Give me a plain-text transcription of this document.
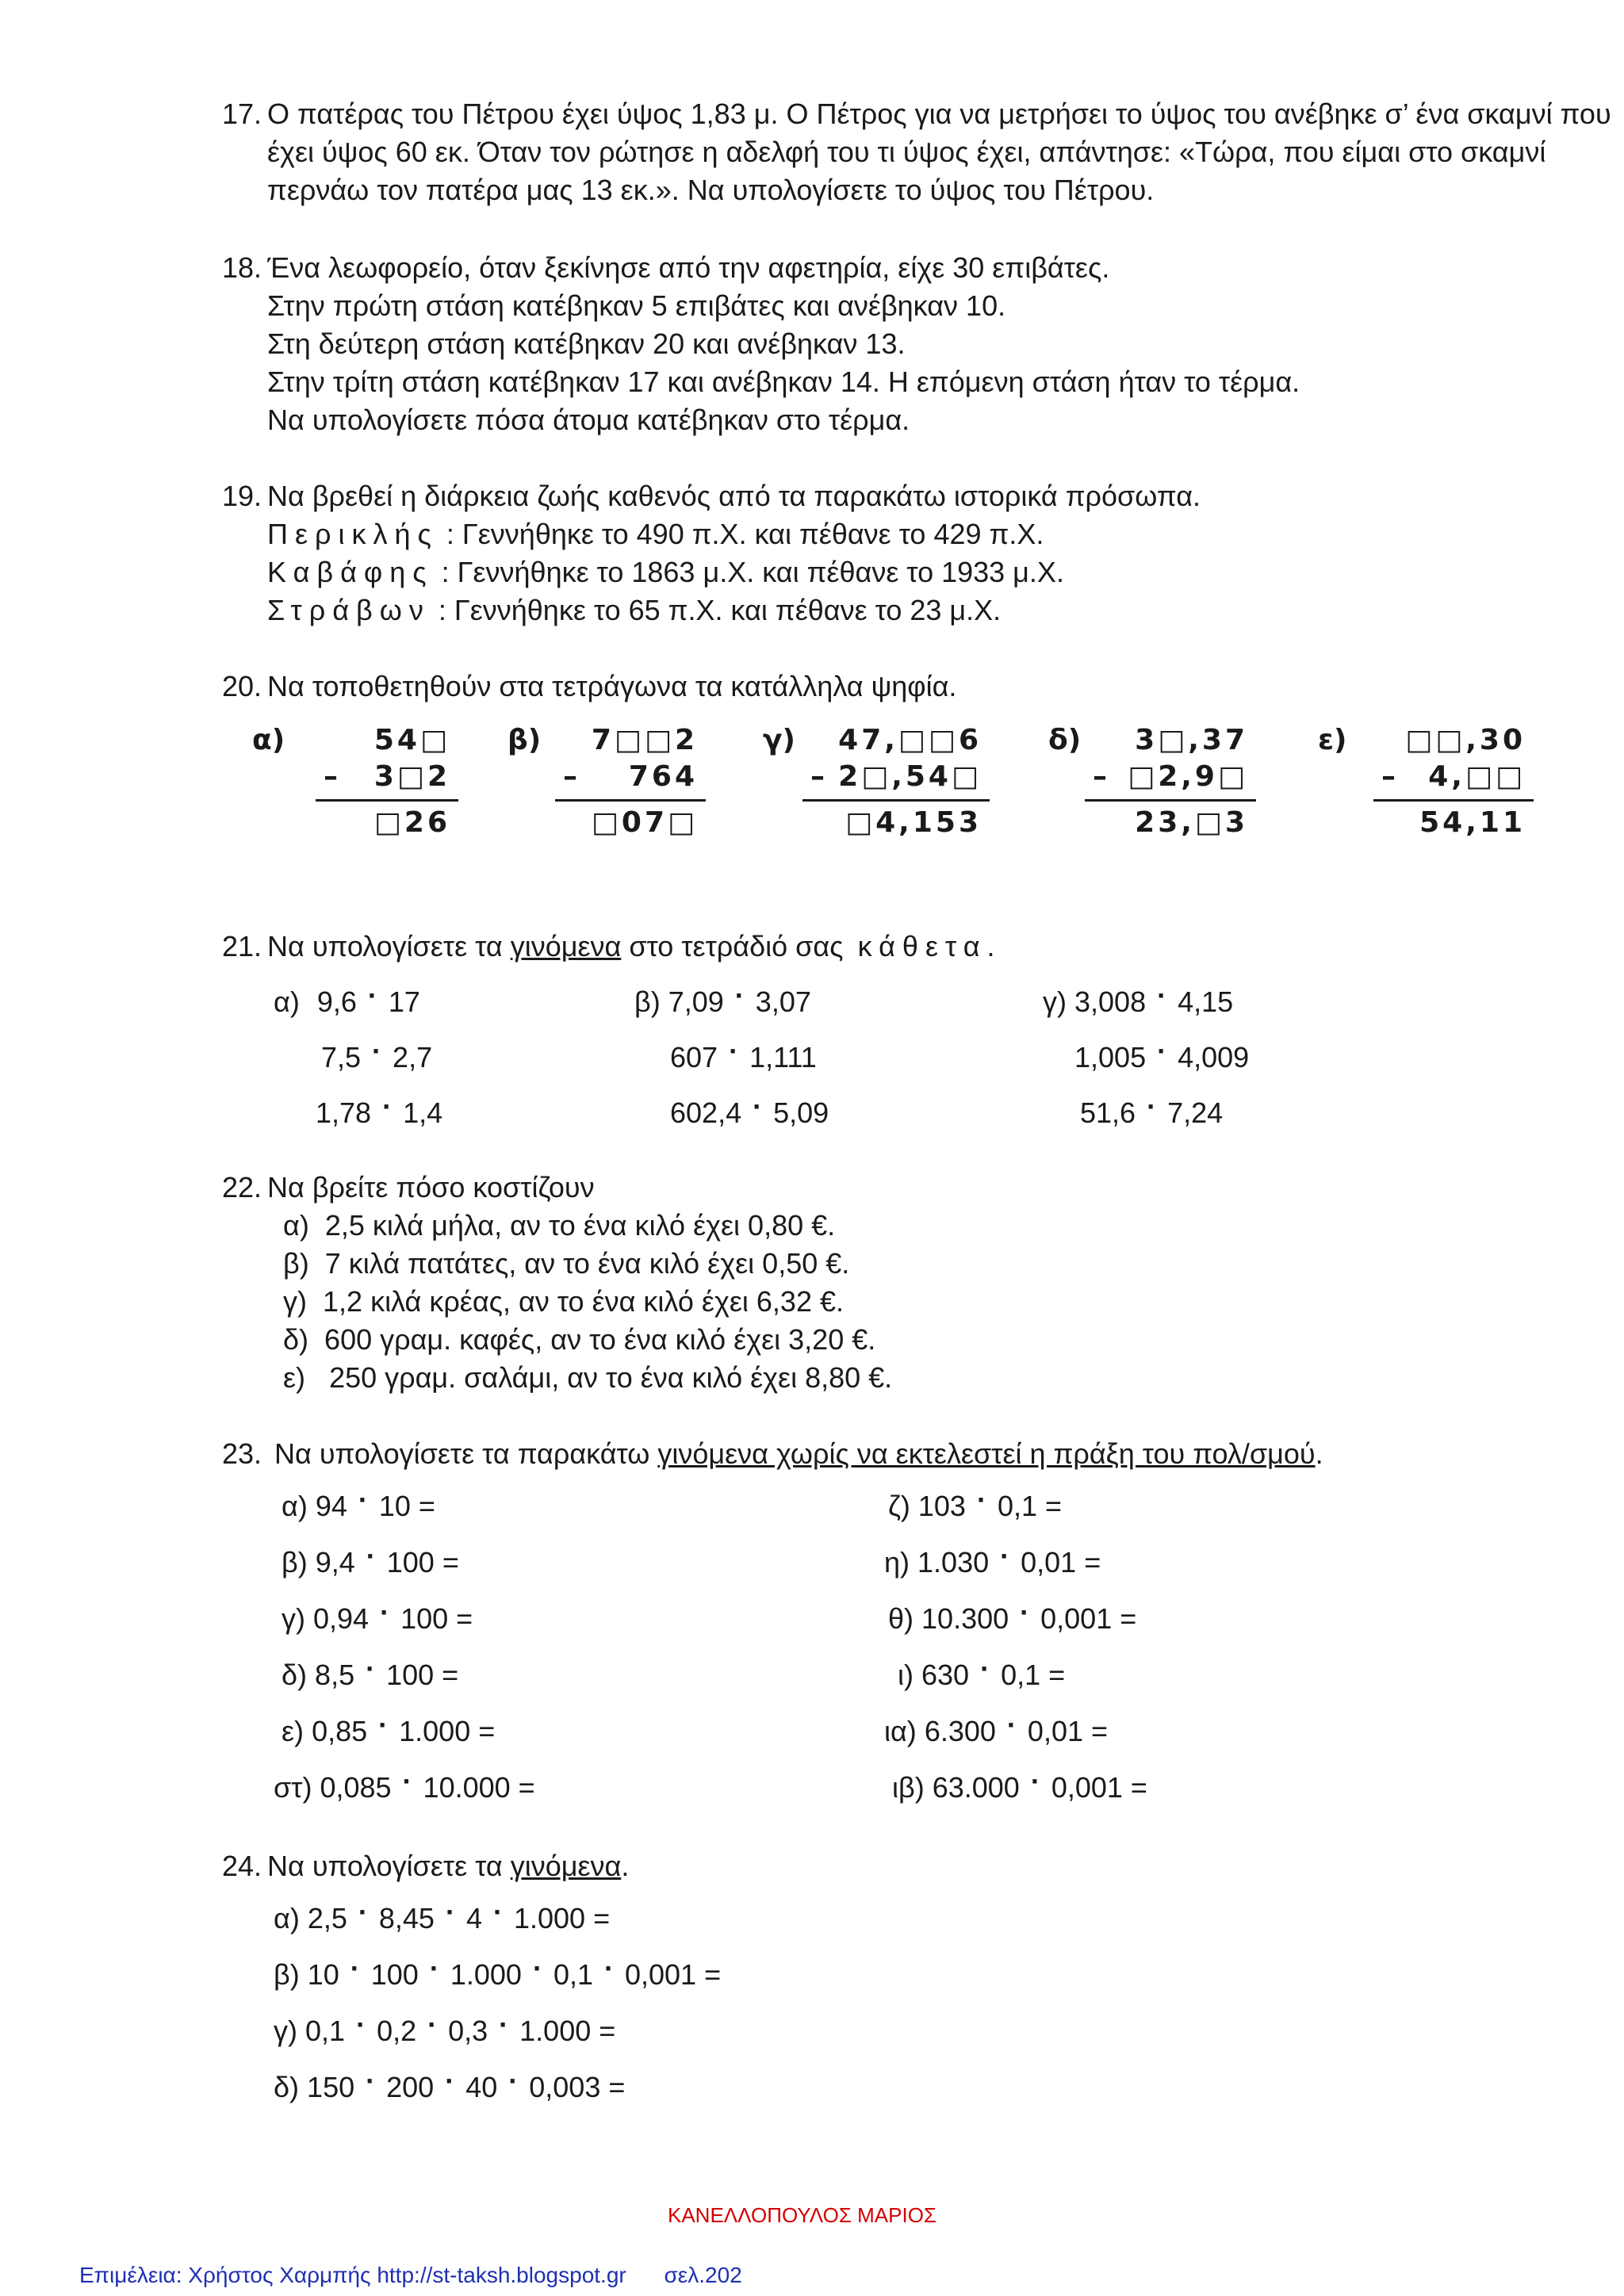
17. Ο πατέρας του Πέτρου έχει ύψος 1,83 μ. Ο Πέτρος για να μετρήσει το ύψος του ανέβηκε σ’ ένα σκαμνί που
έχει ύψος 60 εκ. Όταν τον ρώτησε η αδελφή του τι ύψος έχει, απάντησε: «Τώρα, που είμαι στο σκαμνί
περνάω τον πατέρα μας 13 εκ.». Να υπολογίσετε το ύψος του Πέτρου.
18. Ένα λεωφορείο, όταν ξεκίνησε από την αφετηρία, είχε 30 επιβάτες.
Στην πρώτη στάση κατέβηκαν 5 επιβάτες και ανέβηκαν 10.
Στη δεύτερη στάση κατέβηκαν 20 και ανέβηκαν 13.
Στην τρίτη στάση κατέβηκαν 17 και ανέβηκαν 14. Η επόμενη στάση ήταν το τέρμα.
Να υπολογίσετε πόσα άτομα κατέβηκαν στο τέρμα.
19. Να βρεθεί η διάρκεια ζωής καθενός από τα παρακάτω ιστορικά πρόσωπα.
Περικλής : Γεννήθηκε το 490 π.Χ. και πέθανε το 429 π.Χ.
Καβάφης : Γεννήθηκε το 1863 μ.Χ. και πέθανε το 1933 μ.Χ.
Στράβων : Γεννήθηκε το 65 π.Χ. και πέθανε το 23 μ.Χ.
20. Να τοποθετηθούν στα τετράγωνα τα κατάλληλα ψηφία.
α)	54□
– 3□2
□26
β) 7□□2
– 764
□07□
γ) 47,□□6
– 2□,54□
□4,153
δ) 3□,37
– □2,9□
23,□3
ε) □□,30
– 4,□□
54,11
21. Να υπολογίσετε τα γινόμενα στο τετράδιό σας κάθετα.
α) 9,6 · 17
7,5 · 2,7
1,78 · 1,4
β) 7,09 · 3,07
607 · 1,111
602,4 · 5,09
γ) 3,008 · 4,15
1,005 · 4,009
51,6 · 7,24
22. Να βρείτε πόσο κοστίζουν
α) 2,5 κιλά μήλα, αν το ένα κιλό έχει 0,80 €.
β) 7 κιλά πατάτες, αν το ένα κιλό έχει 0,50 €.
γ) 1,2 κιλά κρέας, αν το ένα κιλό έχει 6,32 €.
δ) 600 γραμ. καφές, αν το ένα κιλό έχει 3,20 €.
ε) 250 γραμ. σαλάμι, αν το ένα κιλό έχει 8,80 €.
23. Να υπολογίσετε τα παρακάτω γινόμενα χωρίς να εκτελεστεί η πράξη του πολ/σμού.
α) 94 · 10 =
β) 9,4 · 100 =
γ) 0,94 · 100 =
δ) 8,5 · 100 =
ε) 0,85 · 1.000 =
στ) 0,085 · 10.000 =
ζ) 103 · 0,1 =
η) 1.030 · 0,01 =
θ) 10.300 · 0,001 =
ι) 630 · 0,1 =
ια) 6.300 · 0,01 =
ιβ) 63.000 · 0,001 =
24. Να υπολογίσετε τα γινόμενα.
α) 2,5 · 8,45 · 4 · 1.000 =
β) 10 · 100 · 1.000 · 0,1 · 0,001 =
γ) 0,1 · 0,2 · 0,3 · 1.000 =
δ) 150 · 200 · 40 · 0,003 =
ΚΑΝΕΛΛΟΠΟΥΛΟΣ ΜΑΡΙΟΣ
Επιμέλεια: Χρήστος Χαρμπής http://st-taksh.blogspot.gr σελ.202
